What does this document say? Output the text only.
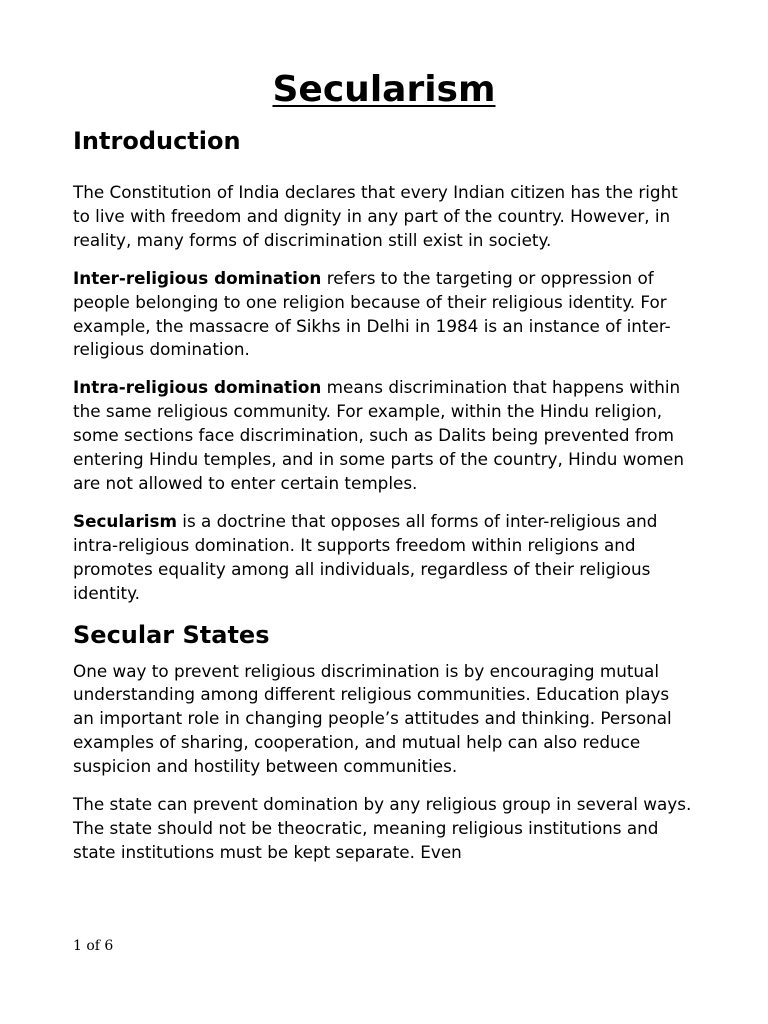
Secularism
Introduction

The Constitution of India declares that every Indian citizen has the right to live with freedom and dignity in any part of the country. However, in reality, many forms of discrimination still exist in society.

Inter-religious domination refers to the targeting or oppression of people belonging to one religion because of their religious identity. For example, the massacre of Sikhs in Delhi in 1984 is an instance of inter-religious domination.

Intra-religious domination means discrimination that happens within the same religious community. For example, within the Hindu religion, some sections face discrimination, such as Dalits being prevented from entering Hindu temples, and in some parts of the country, Hindu women are not allowed to enter certain temples.

Secularism is a doctrine that opposes all forms of inter-religious and intra-religious domination. It supports freedom within religions and promotes equality among all individuals, regardless of their religious identity.

Secular States

One way to prevent religious discrimination is by encouraging mutual understanding among different religious communities. Education plays an important role in changing people’s attitudes and thinking. Personal examples of sharing, cooperation, and mutual help can also reduce suspicion and hostility between communities.

The state can prevent domination by any religious group in several ways. The state should not be theocratic, meaning religious institutions and state institutions must be kept separate. Even

1 of 6
